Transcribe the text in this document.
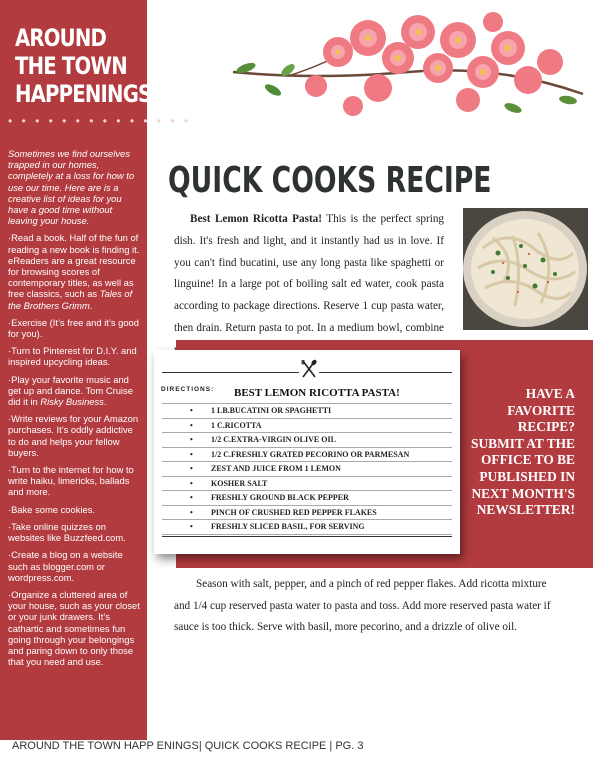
AROUND
THE TOWN
HAPPENINGS
• • • • • • • • • • • • • •

Sometimes we find ourselves trapped in our homes, completely at a loss for how to use our time. Here are is a creative list of ideas for you have a good time without leaving your house.

·Read a book. Half of the fun of reading a new book is finding it. eReaders are a great resource for browsing scores of contemporary titles, as well as free classics, such as Tales of the Brothers Grimm.

·Exercise (It’s free and it’s good for you).

·Turn to Pinterest for D.I.Y. and inspired upcycling ideas.

·Play your favorite music and get up and dance. Tom Cruise did it in Risky Business.

·Write reviews for your Amazon purchases. It’s oddly addictive to do and helps your fellow buyers.

·Turn to the internet for how to write haiku, limericks, ballads and more.

·Bake some cookies.

·Take online quizzes on websites like Buzzfeed.com.

·Create a blog on a website such as blogger.com or wordpress.com.

·Organize a cluttered area of your house, such as your closet or your junk drawers. It’s cathartic and sometimes fun going through your belongings and paring down to only those that you need and use.

AROUND THE TOWN HAPP ENINGS| QUICK COOKS RECIPE | PG. 3
QUICK COOKS RECIPE
Best Lemon Ricotta Pasta! This is the perfect spring dish. It's fresh and light, and it instantly had us in love. If you can't find bucatini, use any long pasta like spaghetti or linguine! In a large pot of boiling salt ed water, cook pasta according to package directions. Reserve 1 cup pasta water, then drain. Return pasta to pot. In a medium bowl, combine
HAVE A FAVORITE RECIPE? SUBMIT AT THE OFFICE TO BE PUBLISHED IN NEXT MONTH'S NEWSLETTER!
DIRECTIONS: BEST LEMON RICOTTA PASTA!
• 1 LB.BUCATINI OR SPAGHETTI
• 1 C.RICOTTA
• 1/2 C.EXTRA-VIRGIN OLIVE OIL
• 1/2 C.FRESHLY GRATED PECORINO OR PARMESAN
• ZEST AND JUICE FROM 1 LEMON
• KOSHER SALT
• FRESHLY GROUND BLACK PEPPER
• PINCH OF CRUSHED RED PEPPER FLAKES
• FRESHLY SLICED BASIL, FOR SERVING
Season with salt, pepper, and a pinch of red pepper flakes. Add ricotta mixture and 1/4 cup reserved pasta water to pasta and toss. Add more reserved pasta water if sauce is too thick. Serve with basil, more pecorino, and a drizzle of olive oil.
